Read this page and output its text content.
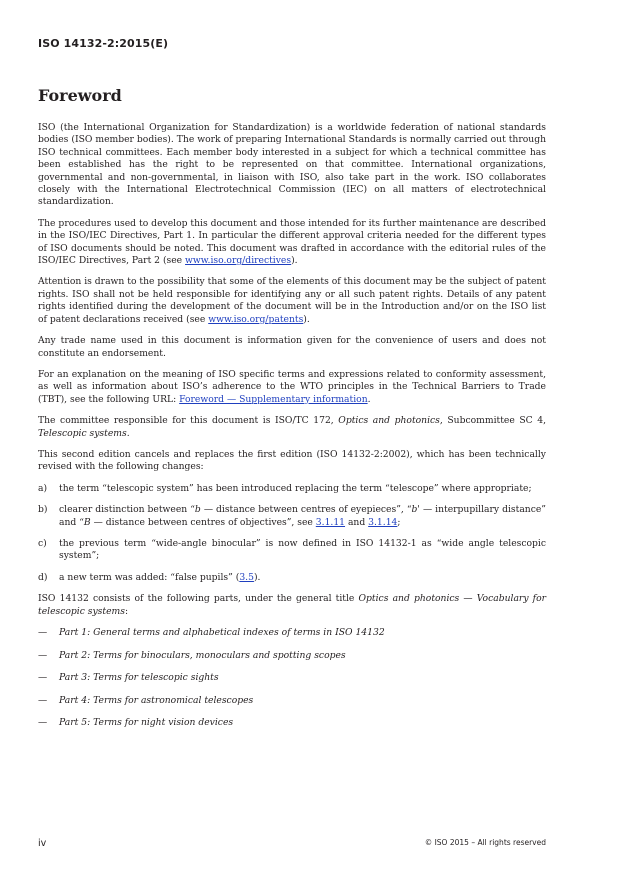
ISO 14132-2:2015(E)
Foreword

ISO (the International Organization for Standardization) is a worldwide federation of national standards bodies (ISO member bodies). The work of preparing International Standards is normally carried out through ISO technical committees. Each member body interested in a subject for which a technical committee has been established has the right to be represented on that committee. International organizations, governmental and non-governmental, in liaison with ISO, also take part in the work. ISO collaborates closely with the International Electrotechnical Commission (IEC) on all matters of electrotechnical standardization.

The procedures used to develop this document and those intended for its further maintenance are described in the ISO/IEC Directives, Part 1. In particular the different approval criteria needed for the different types of ISO documents should be noted. This document was drafted in accordance with the editorial rules of the ISO/IEC Directives, Part 2 (see www.iso.org/directives).

Attention is drawn to the possibility that some of the elements of this document may be the subject of patent rights. ISO shall not be held responsible for identifying any or all such patent rights. Details of any patent rights identified during the development of the document will be in the Introduction and/or on the ISO list of patent declarations received (see www.iso.org/patents).

Any trade name used in this document is information given for the convenience of users and does not constitute an endorsement.

For an explanation on the meaning of ISO specific terms and expressions related to conformity assessment, as well as information about ISO’s adherence to the WTO principles in the Technical Barriers to Trade (TBT), see the following URL: Foreword — Supplementary information.

The committee responsible for this document is ISO/TC 172, Optics and photonics, Subcommittee SC 4, Telescopic systems.

This second edition cancels and replaces the first edition (ISO 14132-2:2002), which has been technically revised with the following changes:

a)	the term “telescopic system” has been introduced replacing the term “telescope” where appropriate;
b)	clearer distinction between “b — distance between centres of eyepieces”, “b' — interpupillary distance” and “B — distance between centres of objectives”, see 3.1.11 and 3.1.14;
c)	the previous term “wide-angle binocular” is now defined in ISO 14132-1 as “wide angle telescopic system”;
d)	a new term was added: “false pupils” (3.5).

ISO 14132 consists of the following parts, under the general title Optics and photonics — Vocabulary for telescopic systems:

—	Part 1: General terms and alphabetical indexes of terms in ISO 14132
—	Part 2: Terms for binoculars, monoculars and spotting scopes
—	Part 3: Terms for telescopic sights
—	Part 4: Terms for astronomical telescopes
—	Part 5: Terms for night vision devices
iv	© ISO 2015 – All rights reserved
